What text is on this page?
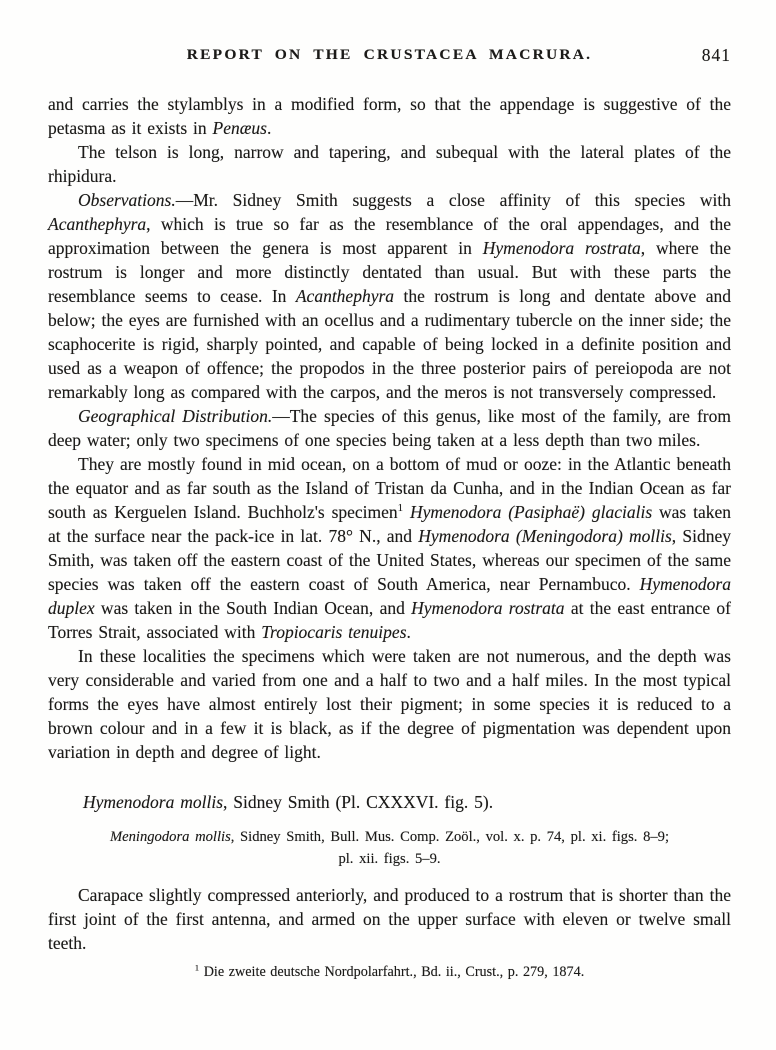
REPORT ON THE CRUSTACEA MACRURA.	841

and carries the stylamblys in a modified form, so that the appendage is suggestive of the petasma as it exists in Penæus.

The telson is long, narrow and tapering, and subequal with the lateral plates of the rhipidura.

Observations.—Mr. Sidney Smith suggests a close affinity of this species with Acanthephyra, which is true so far as the resemblance of the oral appendages, and the approximation between the genera is most apparent in Hymenodora rostrata, where the rostrum is longer and more distinctly dentated than usual. But with these parts the resemblance seems to cease. In Acanthephyra the rostrum is long and dentate above and below; the eyes are furnished with an ocellus and a rudimentary tubercle on the inner side; the scaphocerite is rigid, sharply pointed, and capable of being locked in a definite position and used as a weapon of offence; the propodos in the three posterior pairs of pereiopoda are not remarkably long as compared with the carpos, and the meros is not transversely compressed.

Geographical Distribution.—The species of this genus, like most of the family, are from deep water; only two specimens of one species being taken at a less depth than two miles.

They are mostly found in mid ocean, on a bottom of mud or ooze: in the Atlantic beneath the equator and as far south as the Island of Tristan da Cunha, and in the Indian Ocean as far south as Kerguelen Island. Buchholz's specimen$^1$ Hymenodora (Pasiphaë) glacialis was taken at the surface near the pack-ice in lat. 78° N., and Hymenodora (Meningodora) mollis, Sidney Smith, was taken off the eastern coast of the United States, whereas our specimen of the same species was taken off the eastern coast of South America, near Pernambuco. Hymenodora duplex was taken in the South Indian Ocean, and Hymenodora rostrata at the east entrance of Torres Strait, associated with Tropiocaris tenuipes.

In these localities the specimens which were taken are not numerous, and the depth was very considerable and varied from one and a half to two and a half miles. In the most typical forms the eyes have almost entirely lost their pigment; in some species it is reduced to a brown colour and in a few it is black, as if the degree of pigmentation was dependent upon variation in depth and degree of light.

Hymenodora mollis, Sidney Smith (Pl. CXXXVI. fig. 5).
Meningodora mollis, Sidney Smith, Bull. Mus. Comp. Zoöl., vol. x. p. 74, pl. xi. figs. 8–9;
pl. xii. figs. 5–9.

Carapace slightly compressed anteriorly, and produced to a rostrum that is shorter than the first joint of the first antenna, and armed on the upper surface with eleven or twelve small teeth.

$^1$ Die zweite deutsche Nordpolarfahrt., Bd. ii., Crust., p. 279, 1874.
